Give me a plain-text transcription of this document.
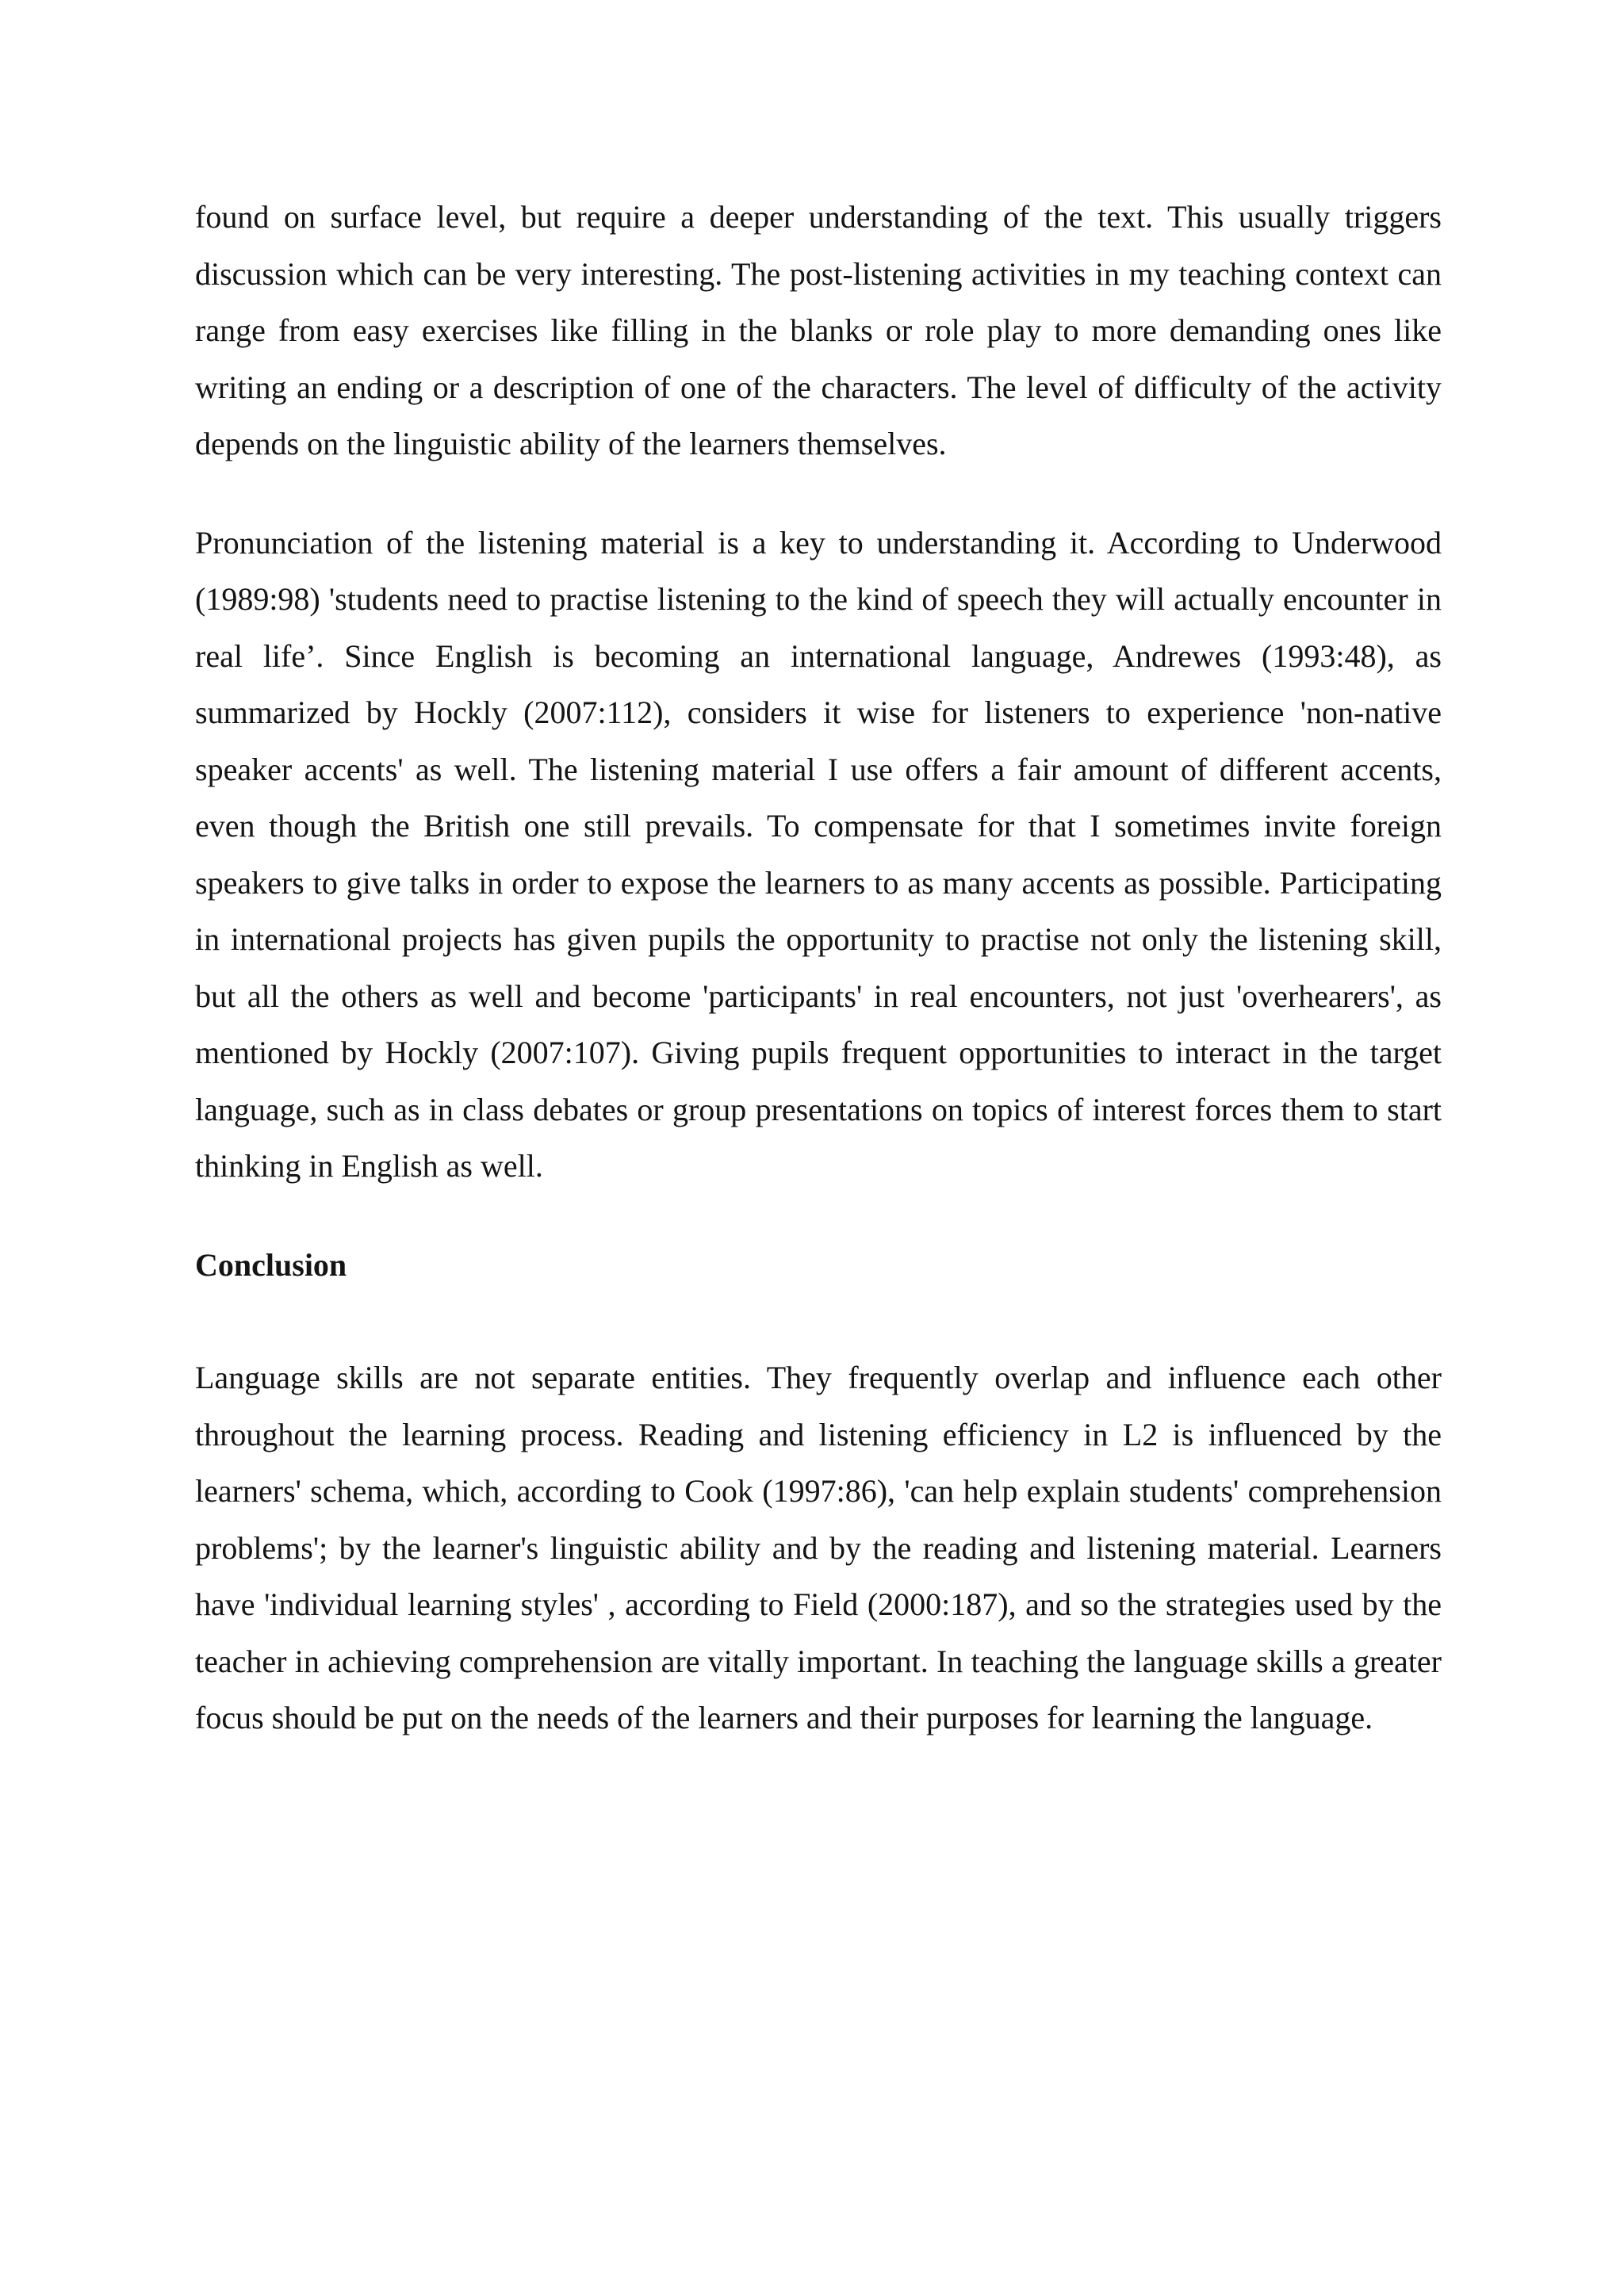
found on surface level, but require a deeper understanding of the text. This usually triggers discussion which can be very interesting. The post-listening activities in my teaching context can range from easy exercises like filling in the blanks or role play to more demanding ones like writing an ending or a description of one of the characters. The level of difficulty of the activity depends on the linguistic ability of the learners themselves.

Pronunciation of the listening material is a key to understanding it. According to Underwood (1989:98) 'students need to practise listening to the kind of speech they will actually encounter in real life’. Since English is becoming an international language, Andrewes (1993:48), as summarized by Hockly (2007:112), considers it wise for listeners to experience 'non-native speaker accents' as well. The listening material I use offers a fair amount of different accents, even though the British one still prevails. To compensate for that I sometimes invite foreign speakers to give talks in order to expose the learners to as many accents as possible. Participating in international projects has given pupils the opportunity to practise not only the listening skill, but all the others as well and become 'participants' in real encounters, not just 'overhearers', as mentioned by Hockly (2007:107). Giving pupils frequent opportunities to interact in the target language, such as in class debates or group presentations on topics of interest forces them to start thinking in English as well.

Conclusion

Language skills are not separate entities. They frequently overlap and influence each other throughout the learning process. Reading and listening efficiency in L2 is influenced by the learners' schema, which, according to Cook (1997:86), 'can help explain students' comprehension problems'; by the learner's linguistic ability and by the reading and listening material. Learners have 'individual learning styles' , according to Field (2000:187), and so the strategies used by the teacher in achieving comprehension are vitally important. In teaching the language skills a greater focus should be put on the needs of the learners and their purposes for learning the language.
